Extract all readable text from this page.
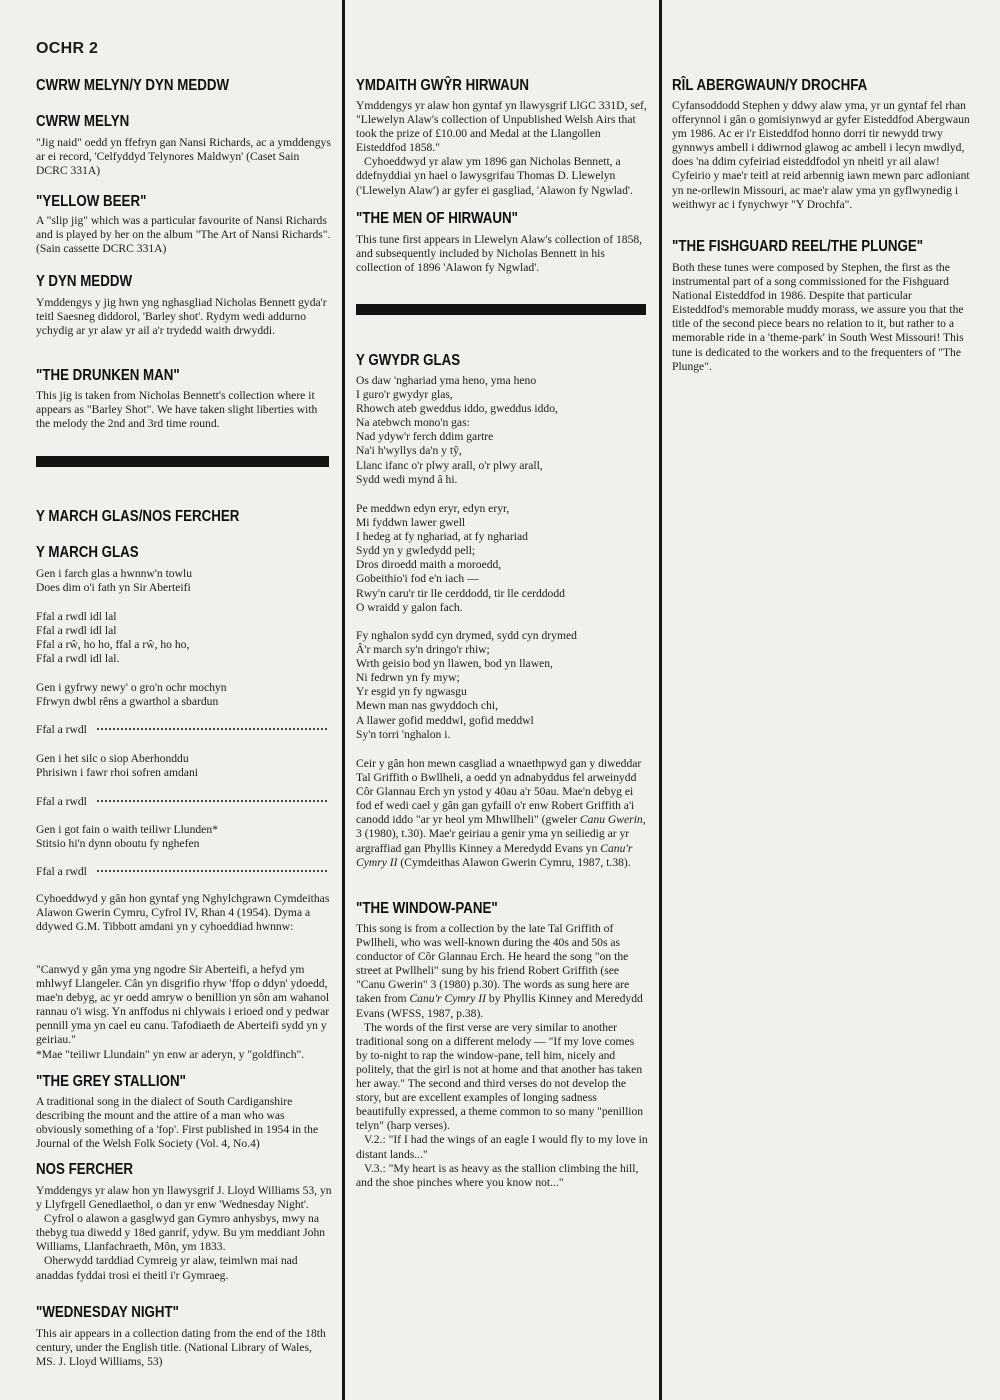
OCHR 2
CWRW MELYN/Y DYN MEDDW
CWRW MELYN
"Jig naid" oedd yn ffefryn gan Nansi Richards, ac a ymddengys ar ei record, 'Celfyddyd Telynores Maldwyn' (Caset Sain DCRC 331A)
"YELLOW BEER"
A "slip jig" which was a particular favourite of Nansi Richards and is played by her on the album "The Art of Nansi Richards". (Sain cassette DCRC 331A)
Y DYN MEDDW
Ymddengys y jig hwn yng nghasgliad Nicholas Bennett gyda'r teitl Saesneg diddorol, 'Barley shot'. Rydym wedi addurno ychydig ar yr alaw yr ail a'r trydedd waith drwyddi.
"THE DRUNKEN MAN"
This jig is taken from Nicholas Bennett's collection where it appears as "Barley Shot". We have taken slight liberties with the melody the 2nd and 3rd time round.
Y MARCH GLAS/NOS FERCHER
Y MARCH GLAS
Gen i farch glas a hwnnw'n towlu
Does dim o'i fath yn Sir Aberteifi
Ffal a rwdl idl lal
Ffal a rwdl idl lal
Ffal a rŵ, ho ho, ffal a rŵ, ho ho,
Ffal a rwdl idl lal.
Gen i gyfrwy newy' o gro'n ochr mochyn
Ffrwyn dwbl rêns a gwarthol a sbardun
Ffal a rwdl
Gen i het silc o siop Aberhonddu
Phrisiwn i fawr rhoi sofren amdani
Ffal a rwdl
Gen i got fain o waith teiliwr Llunden*
Stitsio hi'n dynn oboutu fy nghefen
Ffal a rwdl
Cyhoeddwyd y gân hon gyntaf yng Nghylchgrawn Cymdeithas Alawon Gwerin Cymru, Cyfrol IV, Rhan 4 (1954). Dyma a ddywed G.M. Tibbott amdani yn y cyhoeddiad hwnnw:
"Canwyd y gân yma yng ngodre Sir Aberteifi, a hefyd ym mhlwyf Llangeler. Cân yn disgrifio rhyw 'ffop o ddyn' ydoedd, mae'n debyg, ac yr oedd amryw o benillion yn sôn am wahanol rannau o'i wisg. Yn anffodus ni chlywais i erioed ond y pedwar pennill yma yn cael eu canu. Tafodiaeth de Aberteifi sydd yn y geiriau."
*Mae "teiliwr Llundain" yn enw ar aderyn, y "goldfinch".
"THE GREY STALLION"
A traditional song in the dialect of South Cardiganshire describing the mount and the attire of a man who was obviously something of a 'fop'. First published in 1954 in the Journal of the Welsh Folk Society (Vol. 4, No.4)
NOS FERCHER
Ymddengys yr alaw hon yn llawysgrif J. Lloyd Williams 53, yn y Llyfrgell Genedlaethol, o dan yr enw 'Wednesday Night'.
Cyfrol o alawon a gasglwyd gan Gymro anhysbys, mwy na thebyg tua diwedd y 18ed ganrif, ydyw. Bu ym meddiant John Williams, Llanfachraeth, Môn, ym 1833.
Oherwydd tarddiad Cymreig yr alaw, teimlwn mai nad anaddas fyddai trosi ei theitl i'r Gymraeg.
"WEDNESDAY NIGHT"
This air appears in a collection dating from the end of the 18th century, under the English title. (National Library of Wales, MS. J. Lloyd Williams, 53)
YMDAITH GWŶR HIRWAUN
Ymddengys yr alaw hon gyntaf yn llawysgrif LlGC 331D, sef, "Llewelyn Alaw's collection of Unpublished Welsh Airs that took the prize of £10.00 and Medal at the Llangollen Eisteddfod 1858."
Cyhoeddwyd yr alaw ym 1896 gan Nicholas Bennett, a ddefnyddiai yn hael o lawysgrifau Thomas D. Llewelyn ('Llewelyn Alaw') ar gyfer ei gasgliad, 'Alawon fy Ngwlad'.
"THE MEN OF HIRWAUN"
This tune first appears in Llewelyn Alaw's collection of 1858, and subsequently included by Nicholas Bennett in his collection of 1896 'Alawon fy Ngwlad'.
Y GWYDR GLAS
Os daw 'nghariad yma heno, yma heno
I guro'r gwydyr glas,
Rhowch ateb gweddus iddo, gweddus iddo,
Na atebwch mono'n gas:
Nad ydyw'r ferch ddim gartre
Na'i h'wyllys da'n y tŷ,
Llanc ifanc o'r plwy arall, o'r plwy arall,
Sydd wedi mynd â hi.
Pe meddwn edyn eryr, edyn eryr,
Mi fyddwn lawer gwell
I hedeg at fy nghariad, at fy nghariad
Sydd yn y gwledydd pell;
Dros diroedd maith a moroedd,
Gobeithio'i fod e'n iach —
Rwy'n caru'r tir lle cerddodd, tir lle cerddodd
O wraidd y galon fach.
Fy nghalon sydd cyn drymed, sydd cyn drymed
Â'r march sy'n dringo'r rhiw;
Wrth geisio bod yn llawen, bod yn llawen,
Ni fedrwn yn fy myw;
Yr esgid yn fy ngwasgu
Mewn man nas gwyddoch chi,
A llawer gofid meddwl, gofid meddwl
Sy'n torri 'nghalon i.
Ceir y gân hon mewn casgliad a wnaethpwyd gan y diweddar Tal Griffith o Bwllheli, a oedd yn adnabyddus fel arweinydd Côr Glannau Erch yn ystod y 40au a'r 50au. Mae'n debyg ei fod ef wedi cael y gân gan gyfaill o'r enw Robert Griffith a'i canodd iddo "ar yr heol ym Mhwllheli" (gweler Canu Gwerin, 3 (1980), t.30). Mae'r geiriau a genir yma yn seiliedig ar yr argraffiad gan Phyllis Kinney a Meredydd Evans yn Canu'r Cymry II (Cymdeithas Alawon Gwerin Cymru, 1987, t.38).
"THE WINDOW-PANE"
This song is from a collection by the late Tal Griffith of Pwllheli, who was well-known during the 40s and 50s as conductor of Côr Glannau Erch. He heard the song "on the street at Pwllheli" sung by his friend Robert Griffith (see "Canu Gwerin" 3 (1980) p.30). The words as sung here are taken from Canu'r Cymry II by Phyllis Kinney and Meredydd Evans (WFSS, 1987, p.38).
The words of the first verse are very similar to another traditional song on a different melody — "If my love comes by to-night to rap the window-pane, tell him, nicely and politely, that the girl is not at home and that another has taken her away." The second and third verses do not develop the story, but are excellent examples of longing sadness beautifully expressed, a theme common to so many "penillion telyn" (harp verses).
V.2.: "If I had the wings of an eagle I would fly to my love in distant lands..."
V.3.: "My heart is as heavy as the stallion climbing the hill, and the shoe pinches where you know not..."
RÎL ABERGWAUN/Y DROCHFA
Cyfansoddodd Stephen y ddwy alaw yma, yr un gyntaf fel rhan offerynnol i gân o gomisiynwyd ar gyfer Eisteddfod Abergwaun ym 1986. Ac er i'r Eisteddfod honno dorri tir newydd trwy gynnwys ambell i ddiwrnod glawog ac ambell i lecyn mwdlyd, does 'na ddim cyfeiriad eisteddfodol yn nheitl yr ail alaw! Cyfeirio y mae'r teitl at reid arbennig iawn mewn parc adloniant yn ne-orllewin Missouri, ac mae'r alaw yma yn gyflwynedig i weithwyr ac i fynychwyr "Y Drochfa".
"THE FISHGUARD REEL/THE PLUNGE"
Both these tunes were composed by Stephen, the first as the instrumental part of a song commissioned for the Fishguard National Eisteddfod in 1986. Despite that particular Eisteddfod's memorable muddy morass, we assure you that the title of the second piece bears no relation to it, but rather to a memorable ride in a 'theme-park' in South West Missouri! This tune is dedicated to the workers and to the frequenters of "The Plunge".
